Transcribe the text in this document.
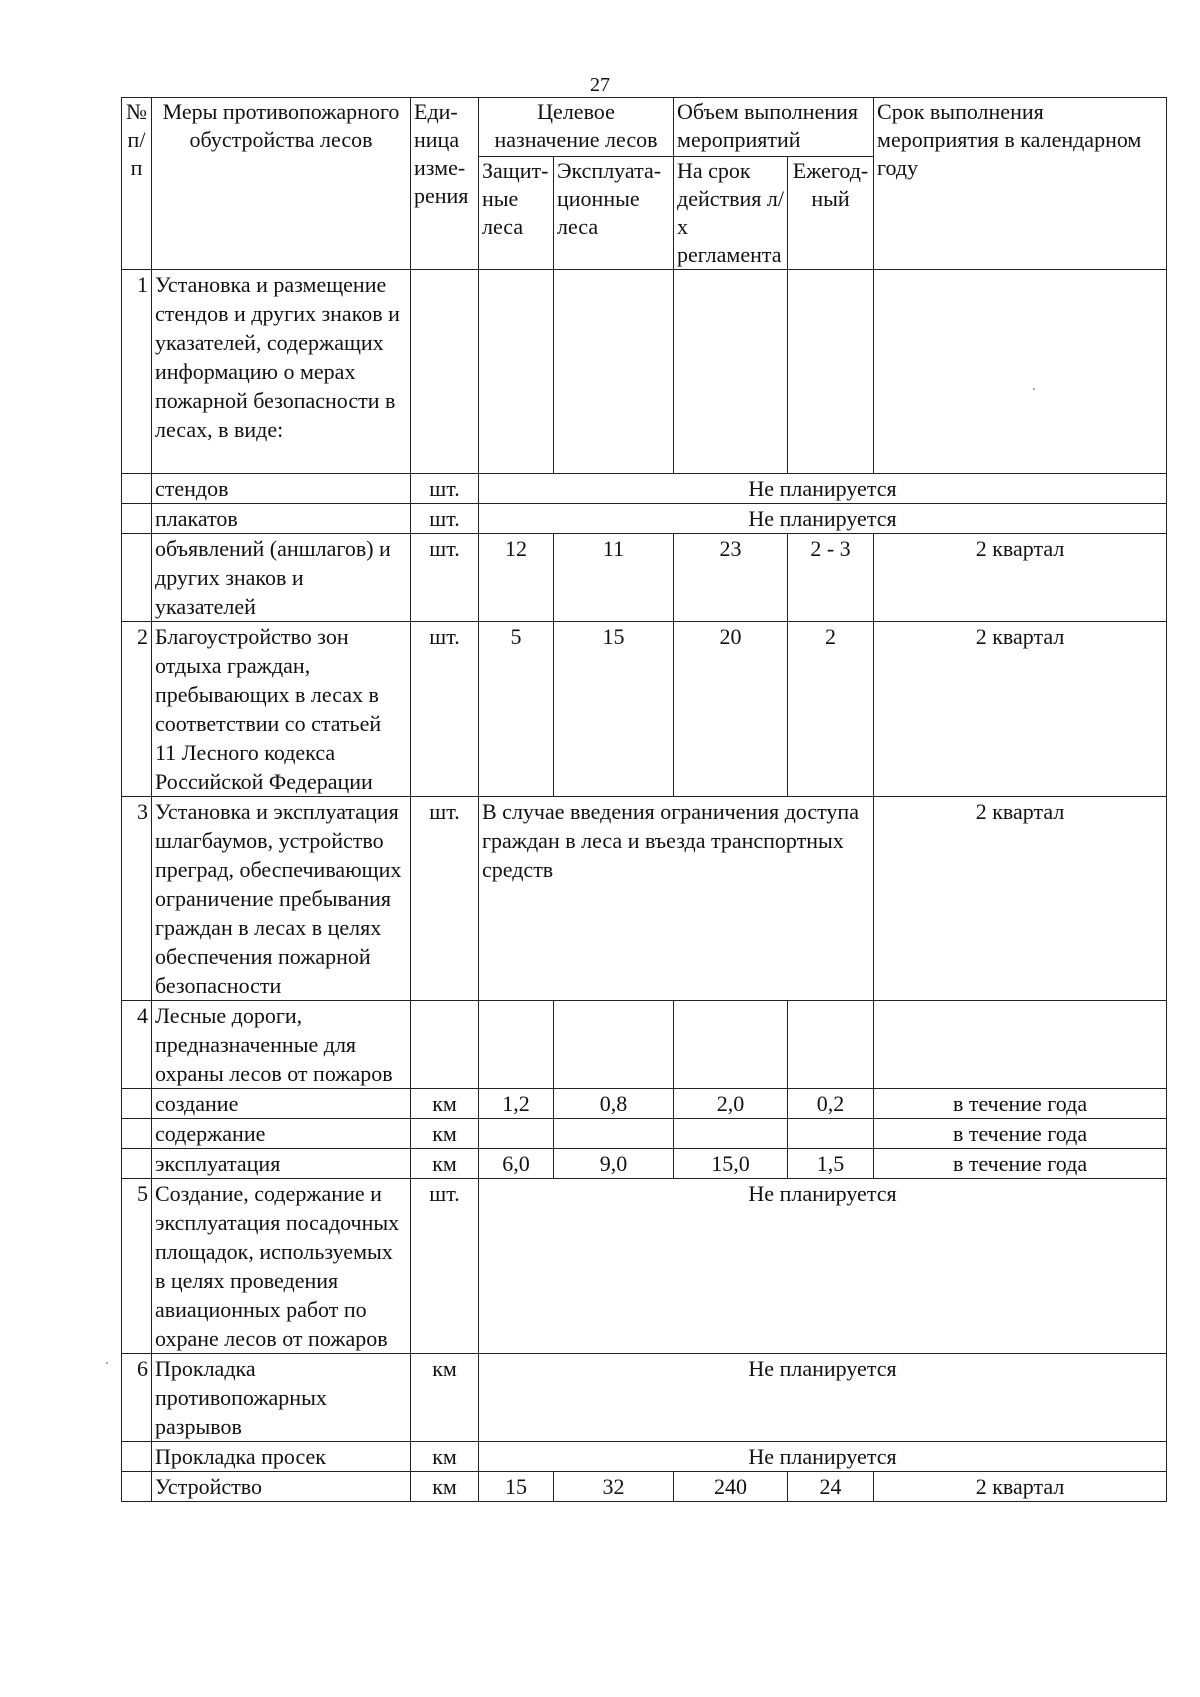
27
№ п/п	Меры противопожарного обустройства лесов	Еди-ница изме-рения	Целевое назначение лесов		Объем выполнения мероприятий		Срок выполнения мероприятия в календарном году
			Защит-ные леса	Эксплуата-ционные леса	На срок действия л/х регламента	Ежегод-ный	
1	Установка и размещение стендов и других знаков и указателей, содержащих информацию о мерах пожарной безопасности в лесах, в виде:						
	стендов	шт.	Не планируется				
	плакатов	шт.	Не планируется				
	объявлений (аншлагов) и других знаков и указателей	шт.	12	11	23	2 - 3	2 квартал
2	Благоустройство зон отдыха граждан, пребывающих в лесах в соответствии со статьей 11 Лесного кодекса Российской Федерации	шт.	5	15	20	2	2 квартал
3	Установка и эксплуатация шлагбаумов, устройство преград, обеспечивающих ограничение пребывания граждан в лесах в целях обеспечения пожарной безопасности	шт.	В случае введения ограничения доступа граждан в леса и въезда транспортных средств				2 квартал
4	Лесные дороги, предназначенные для охраны лесов от пожаров						
	создание	км	1,2	0,8	2,0	0,2	в течение года
	содержание	км					в течение года
	эксплуатация	км	6,0	9,0	15,0	1,5	в течение года
5	Создание, содержание и эксплуатация посадочных площадок, используемых в целях проведения авиационных работ по охране лесов от пожаров	шт.	Не планируется				
6	Прокладка противопожарных разрывов	км	Не планируется				
	Прокладка просек	км	Не планируется				
	Устройство	км	15	32	240	24	2 квартал
